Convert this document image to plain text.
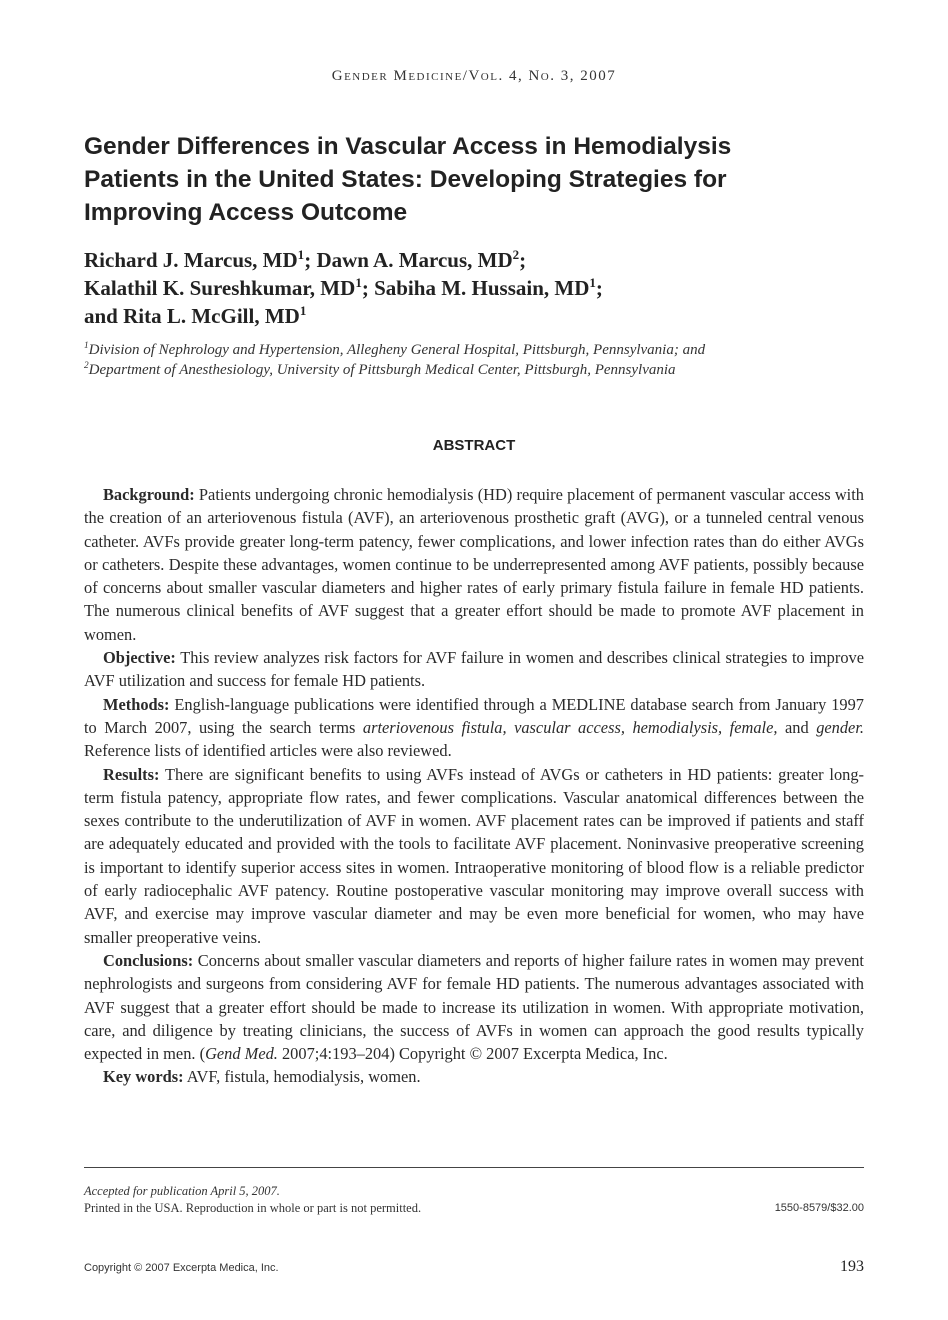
Gender Medicine/Vol. 4, No. 3, 2007
Gender Differences in Vascular Access in Hemodialysis
Patients in the United States: Developing Strategies for
Improving Access Outcome
Richard J. Marcus, $MD^1$; Dawn A. Marcus, $MD^2$;
Kalathil K. Sureshkumar, $MD^1$; Sabiha M. Hussain, $MD^1$;
and Rita L. McGill, $MD^1$
$^1$Division of Nephrology and Hypertension, Allegheny General Hospital, Pittsburgh, Pennsylvania; and
$^2$Department of Anesthesiology, University of Pittsburgh Medical Center, Pittsburgh, Pennsylvania
ABSTRACT

Background: Patients undergoing chronic hemodialysis (HD) require placement of permanent vascular access with the creation of an arteriovenous fistula (AVF), an arteriovenous prosthetic graft (AVG), or a tunneled central venous catheter. AVFs provide greater long-term patency, fewer complications, and lower infection rates than do either AVGs or catheters. Despite these advantages, women continue to be underrepresented among AVF patients, possibly because of concerns about smaller vascular diameters and higher rates of early primary fistula failure in female HD patients. The numerous clinical benefits of AVF suggest that a greater effort should be made to promote AVF placement in women.

Objective: This review analyzes risk factors for AVF failure in women and describes clinical strategies to improve AVF utilization and success for female HD patients.

Methods: English-language publications were identified through a MEDLINE database search from January 1997 to March 2007, using the search terms arteriovenous fistula, vascular access, hemodialysis, female, and gender. Reference lists of identified articles were also reviewed.

Results: There are significant benefits to using AVFs instead of AVGs or catheters in HD patients: greater long-term fistula patency, appropriate flow rates, and fewer complications. Vascular anatomical differences between the sexes contribute to the underutilization of AVF in women. AVF placement rates can be improved if patients and staff are adequately educated and provided with the tools to facilitate AVF placement. Noninvasive preoperative screening is important to identify superior access sites in women. Intraoperative monitoring of blood flow is a reliable predictor of early radiocephalic AVF patency. Routine postoperative vascular monitoring may improve overall success with AVF, and exercise may improve vascular diameter and may be even more beneficial for women, who may have smaller preoperative veins.

Conclusions: Concerns about smaller vascular diameters and reports of higher failure rates in women may prevent nephrologists and surgeons from considering AVF for female HD patients. The numerous advantages associated with AVF suggest that a greater effort should be made to increase its utilization in women. With appropriate motivation, care, and diligence by treating clinicians, the success of AVFs in women can approach the good results typically expected in men. (Gend Med. 2007;4:193–204) Copyright © 2007 Excerpta Medica, Inc.

Key words: AVF, fistula, hemodialysis, women.

Accepted for publication April 5, 2007.
Printed in the USA. Reproduction in whole or part is not permitted.	1550-8579/$32.00
Copyright © 2007 Excerpta Medica, Inc.	193
